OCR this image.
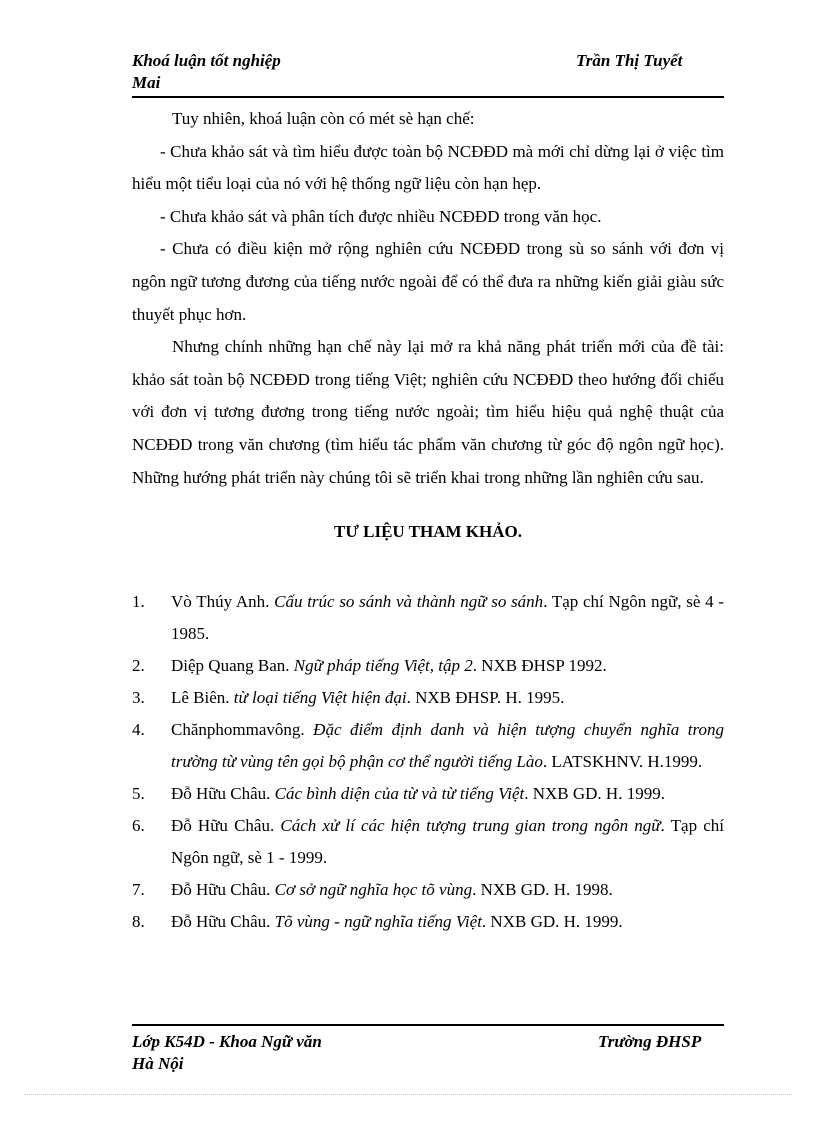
Khoá luận tốt nghiệp	Trần Thị Tuyết
Mai

Tuy nhiên, khoá luận còn có mét sè hạn chế:

- Chưa khảo sát và tìm hiểu được toàn bộ NCĐĐD mà mới chỉ dừng lại ở việc tìm hiểu một tiểu loại của nó với hệ thống ngữ liệu còn hạn hẹp.

- Chưa khảo sát và phân tích được nhiều NCĐĐD trong văn học.

- Chưa có điều kiện mở rộng nghiên cứu NCĐĐD trong sù so sánh với đơn vị ngôn ngữ tương đương của tiếng nước ngoài để có thể đưa ra những kiến giải giàu sức thuyết phục hơn.

Nhưng chính những hạn chế này lại mở ra khả năng phát triển mới của đề tài: khảo sát toàn bộ NCĐĐD trong tiếng Việt; nghiên cứu NCĐĐD theo hướng đối chiếu với đơn vị tương đương trong tiếng nước ngoài; tìm hiểu hiệu quả nghệ thuật của NCĐĐD trong văn chương (tìm hiểu tác phẩm văn chương từ góc độ ngôn ngữ học). Những hướng phát triển này chúng tôi sẽ triển khai trong những lần nghiên cứu sau.

TƯ LIỆU THAM KHẢO.
1. Vò Thúy Anh. Cấu trúc so sánh và thành ngữ so sánh. Tạp chí Ngôn ngữ, sè 4 - 1985.
2. Diệp Quang Ban. Ngữ pháp tiếng Việt, tập 2. NXB ĐHSP 1992.
3. Lê Biên. từ loại tiếng Việt hiện đại. NXB ĐHSP. H. 1995.
4. Chănphommavông. Đặc điểm định danh và hiện tượng chuyển nghĩa trong trường từ vùng tên gọi bộ phận cơ thể người tiếng Lào. LATSKHNV. H.1999.
5. Đỗ Hữu Châu. Các bình diện của từ và từ tiếng Việt. NXB GD. H. 1999.
6. Đỗ Hữu Châu. Cách xử lí các hiện tượng trung gian trong ngôn ngữ. Tạp chí Ngôn ngữ, sè 1 - 1999.
7. Đỗ Hữu Châu. Cơ sở ngữ nghĩa học tõ vùng. NXB GD. H. 1998.
8. Đỗ Hữu Châu. Tõ vùng - ngữ nghĩa tiếng Việt. NXB GD. H. 1999.
Lớp K54D - Khoa Ngữ văn	Trường ĐHSP
Hà Nội
